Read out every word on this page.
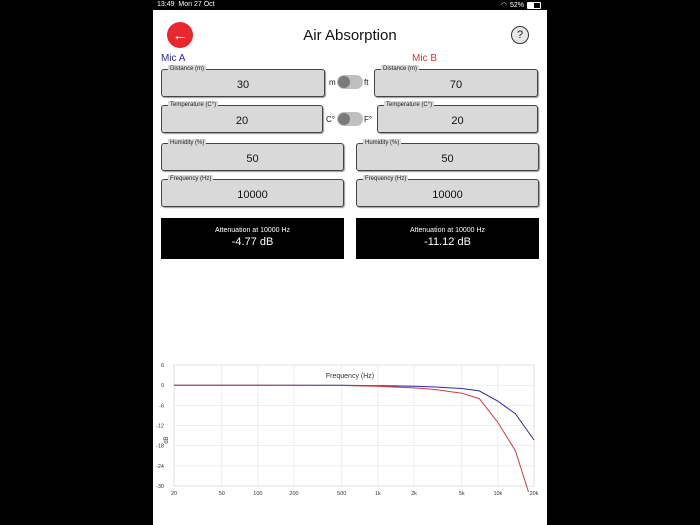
13:49 Mon 27 Oct	◠ 52%
←	Air Absorption	?
Mic A	Mic B
Distance (m)
30
Temperature (C°)
20
Humidity (%)
50
Frequency (Hz)
10000
m	ft
C°	F°
Distance (m)
70
Temperature (C°)
20
Humidity (%)
50
Frequency (Hz)
10000
Attenuation at 10000 Hz
-4.77 dB
Attenuation at 10000 Hz
-11.12 dB
6
0
-6
-12
-18
-24
-30
20	50	100	200	500	1k	2k	5k	10k	20k
Frequency (Hz)
dB
